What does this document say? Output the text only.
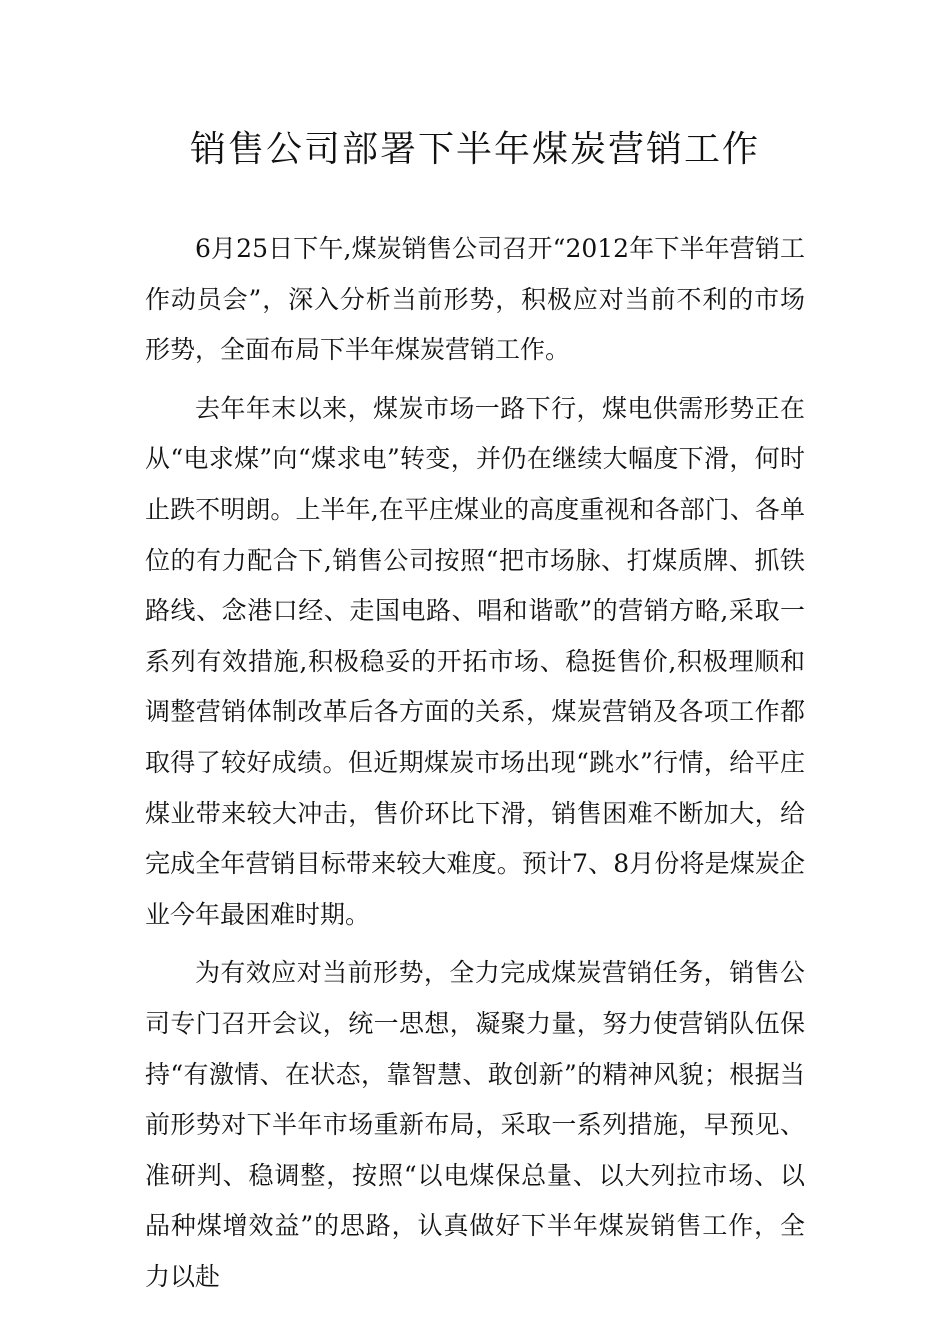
销售公司部署下半年煤炭营销工作

6月25日下午,煤炭销售公司召开“2012年下半年营销工作动员会”，深入分析当前形势，积极应对当前不利的市场形势，全面布局下半年煤炭营销工作。

去年年末以来，煤炭市场一路下行，煤电供需形势正在从“电求煤”向“煤求电”转变，并仍在继续大幅度下滑，何时止跌不明朗。上半年,在平庄煤业的高度重视和各部门、各单位的有力配合下,销售公司按照“把市场脉、打煤质牌、抓铁路线、念港口经、走国电路、唱和谐歌”的营销方略,采取一系列有效措施,积极稳妥的开拓市场、稳挺售价,积极理顺和调整营销体制改革后各方面的关系，煤炭营销及各项工作都取得了较好成绩。但近期煤炭市场出现“跳水”行情，给平庄煤业带来较大冲击，售价环比下滑，销售困难不断加大，给完成全年营销目标带来较大难度。预计7、8月份将是煤炭企业今年最困难时期。

为有效应对当前形势，全力完成煤炭营销任务，销售公司专门召开会议，统一思想，凝聚力量，努力使营销队伍保持“有激情、在状态，靠智慧、敢创新”的精神风貌；根据当前形势对下半年市场重新布局，采取一系列措施，早预见、准研判、稳调整，按照“以电煤保总量、以大列拉市场、以品种煤增效益”的思路，认真做好下半年煤炭销售工作，全力以赴
